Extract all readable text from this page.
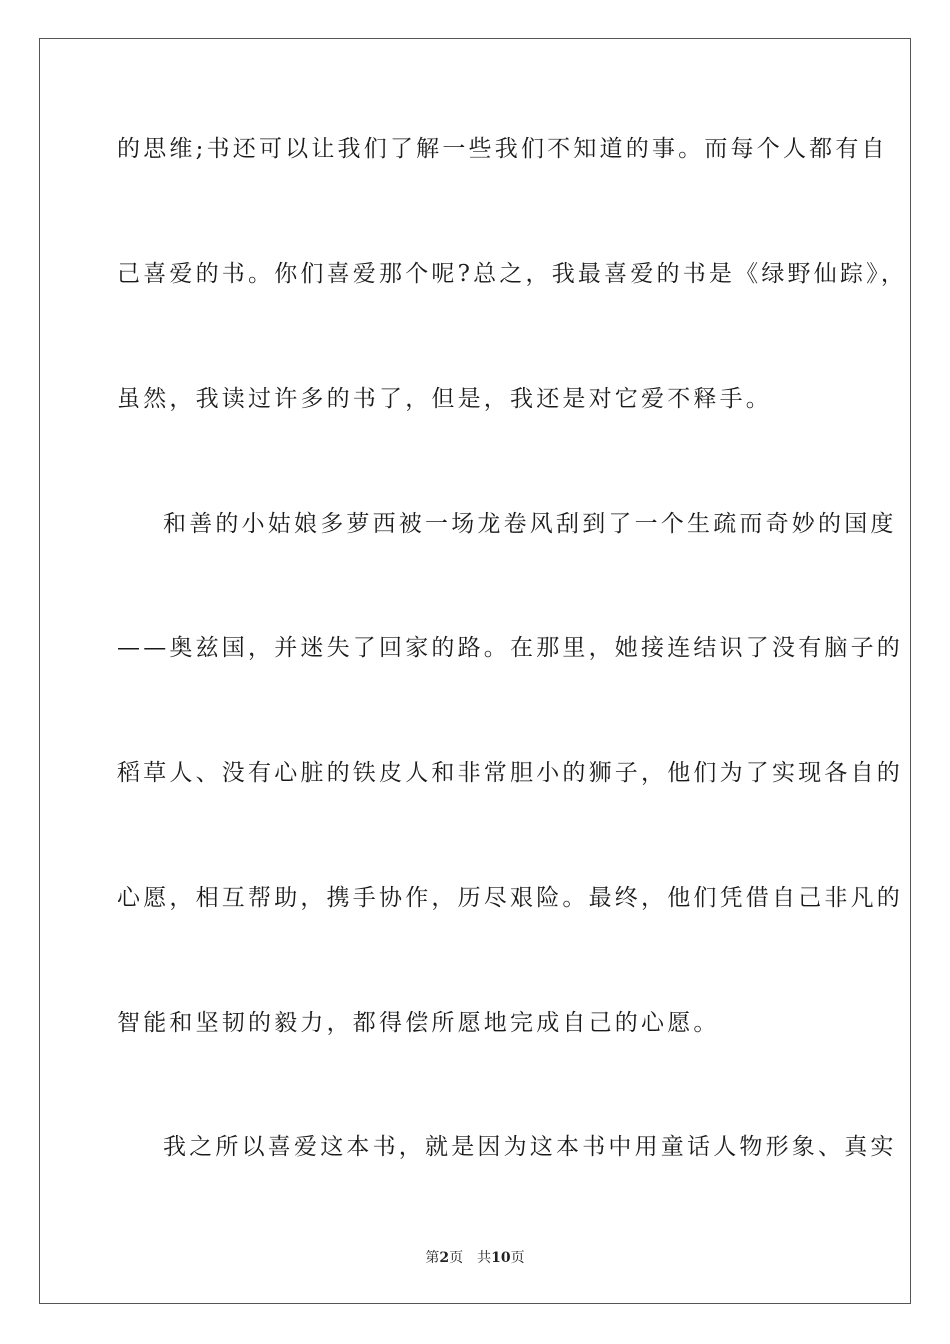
的思维;书还可以让我们了解一些我们不知道的事。而每个人都有自
己喜爱的书。你们喜爱那个呢?总之，我最喜爱的书是《绿野仙踪》，
虽然，我读过许多的书了，但是，我还是对它爱不释手。
和善的小姑娘多萝西被一场龙卷风刮到了一个生疏而奇妙的国度
——奥兹国，并迷失了回家的路。在那里，她接连结识了没有脑子的
稻草人、没有心脏的铁皮人和非常胆小的狮子，他们为了实现各自的
心愿，相互帮助，携手协作，历尽艰险。最终，他们凭借自己非凡的
智能和坚韧的毅力，都得偿所愿地完成自己的心愿。
我之所以喜爱这本书，就是因为这本书中用童话人物形象、真实
第2页 共10页
